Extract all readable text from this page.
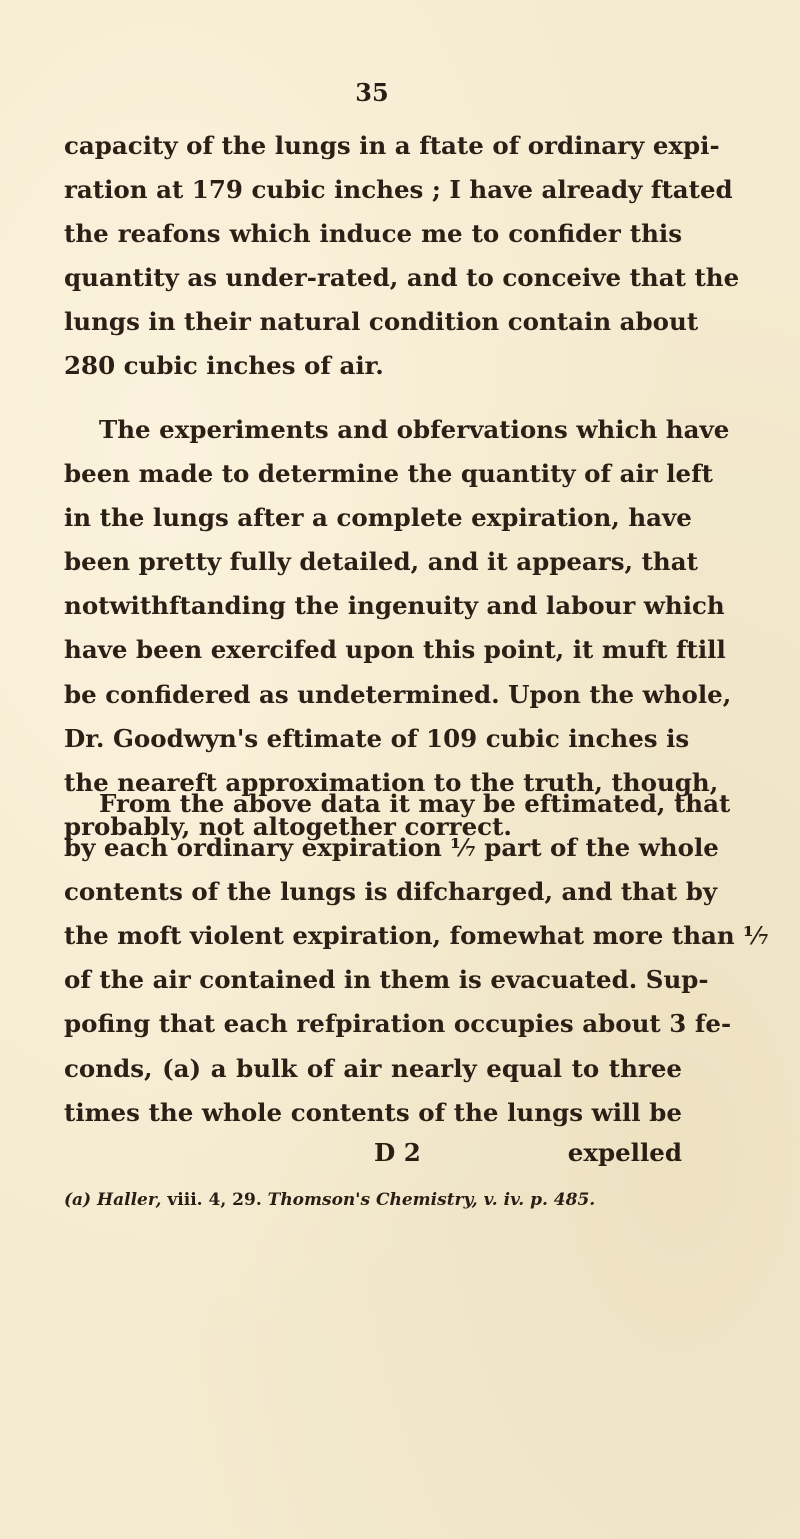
35
capacity of the lungs in a ftate of ordinary expi-
ration at 179 cubic inches ; I have already ftated
the reafons which induce me to confider this
quantity as under-rated, and to conceive that the
lungs in their natural condition contain about
280 cubic inches of air.
The experiments and obfervations which have
been made to determine the quantity of air left
in the lungs after a complete expiration, have
been pretty fully detailed, and it appears, that
notwithftanding the ingenuity and labour which
have been exercifed upon this point, it muft ftill
be confidered as undetermined. Upon the whole,
Dr. Goodwyn's eftimate of 109 cubic inches is
the neareft approximation to the truth, though,
probably, not altogether correct.
From the above data it may be eftimated, that
by each ordinary expiration ⅐ part of the whole
contents of the lungs is difcharged, and that by
the moft violent expiration, fomewhat more than ⅐
of the air contained in them is evacuated. Sup-
pofing that each refpiration occupies about 3 fe-
conds, (a) a bulk of air nearly equal to three
times the whole contents of the lungs will be
D 2	expelled
(a) Haller, viii. 4, 29. Thomson's Chemistry, v. iv. p. 485.
